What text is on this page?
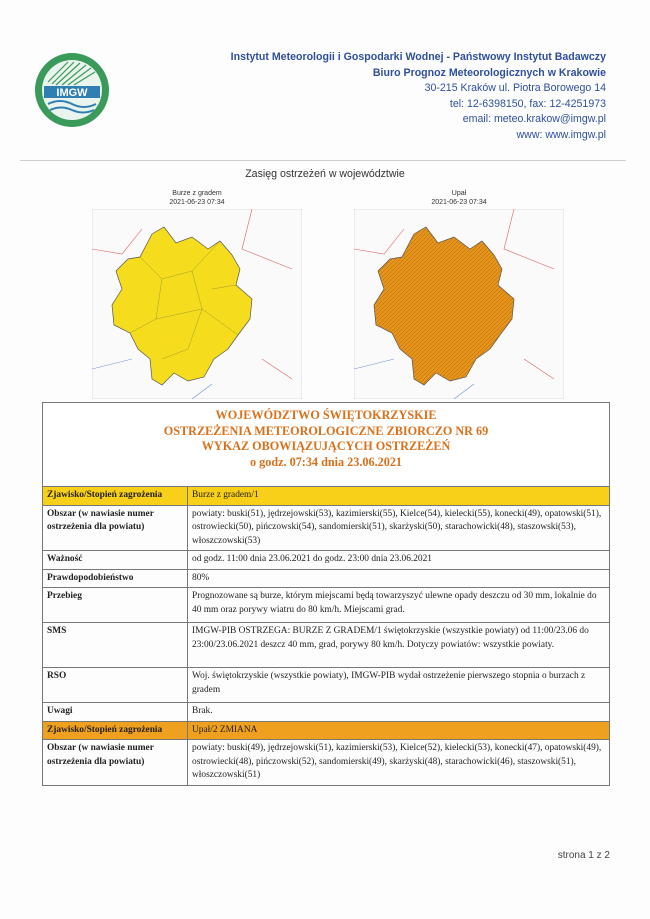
IMGW
Instytut Meteorologii i Gospodarki Wodnej - Państwowy Instytut Badawczy
Biuro Prognoz Meteorologicznych w Krakowie
30-215 Kraków ul. Piotra Borowego 14
tel: 12-6398150, fax: 12-4251973
email: meteo.krakow@imgw.pl
www: www.imgw.pl
Zasięg ostrzeżeń w województwie
Burze z gradem
2021-06-23 07:34
Upał
2021-06-23 07:34
WOJEWÓDZTWO ŚWIĘTOKRZYSKIE
OSTRZEŻENIA METEOROLOGICZNE ZBIORCZO NR 69
WYKAZ OBOWIĄZUJĄCYCH OSTRZEŻEŃ
o godz. 07:34 dnia 23.06.2021
Zjawisko/Stopień zagrożenia	Burze z gradem/1
Obszar (w nawiasie numer ostrzeżenia dla powiatu)	powiaty: buski(51), jędrzejowski(53), kazimierski(55), Kielce(54), kielecki(55), konecki(49), opatowski(51), ostrowiecki(50), pińczowski(54), sandomierski(51), skarżyski(50), starachowicki(48), staszowski(53), włoszczowski(53)
Ważność	od godz. 11:00 dnia 23.06.2021 do godz. 23:00 dnia 23.06.2021
Prawdopodobieństwo	80%
Przebieg	Prognozowane są burze, którym miejscami będą towarzyszyć ulewne opady deszczu od 30 mm, lokalnie do 40 mm oraz porywy wiatru do 80 km/h. Miejscami grad.
SMS	IMGW-PIB OSTRZEGA: BURZE Z GRADEM/1 świętokrzyskie (wszystkie powiaty) od 11:00/23.06 do 23:00/23.06.2021 deszcz 40 mm, grad, porywy 80 km/h. Dotyczy powiatów: wszystkie powiaty.
RSO	Woj. świętokrzyskie (wszystkie powiaty), IMGW-PIB wydał ostrzeżenie pierwszego stopnia o burzach z gradem
Uwagi	Brak.
Zjawisko/Stopień zagrożenia	Upał/2 ZMIANA
Obszar (w nawiasie numer ostrzeżenia dla powiatu)	powiaty: buski(49), jędrzejowski(51), kazimierski(53), Kielce(52), kielecki(53), konecki(47), opatowski(49), ostrowiecki(48), pińczowski(52), sandomierski(49), skarżyski(48), starachowicki(46), staszowski(51), włoszczowski(51)
strona 1 z 2
